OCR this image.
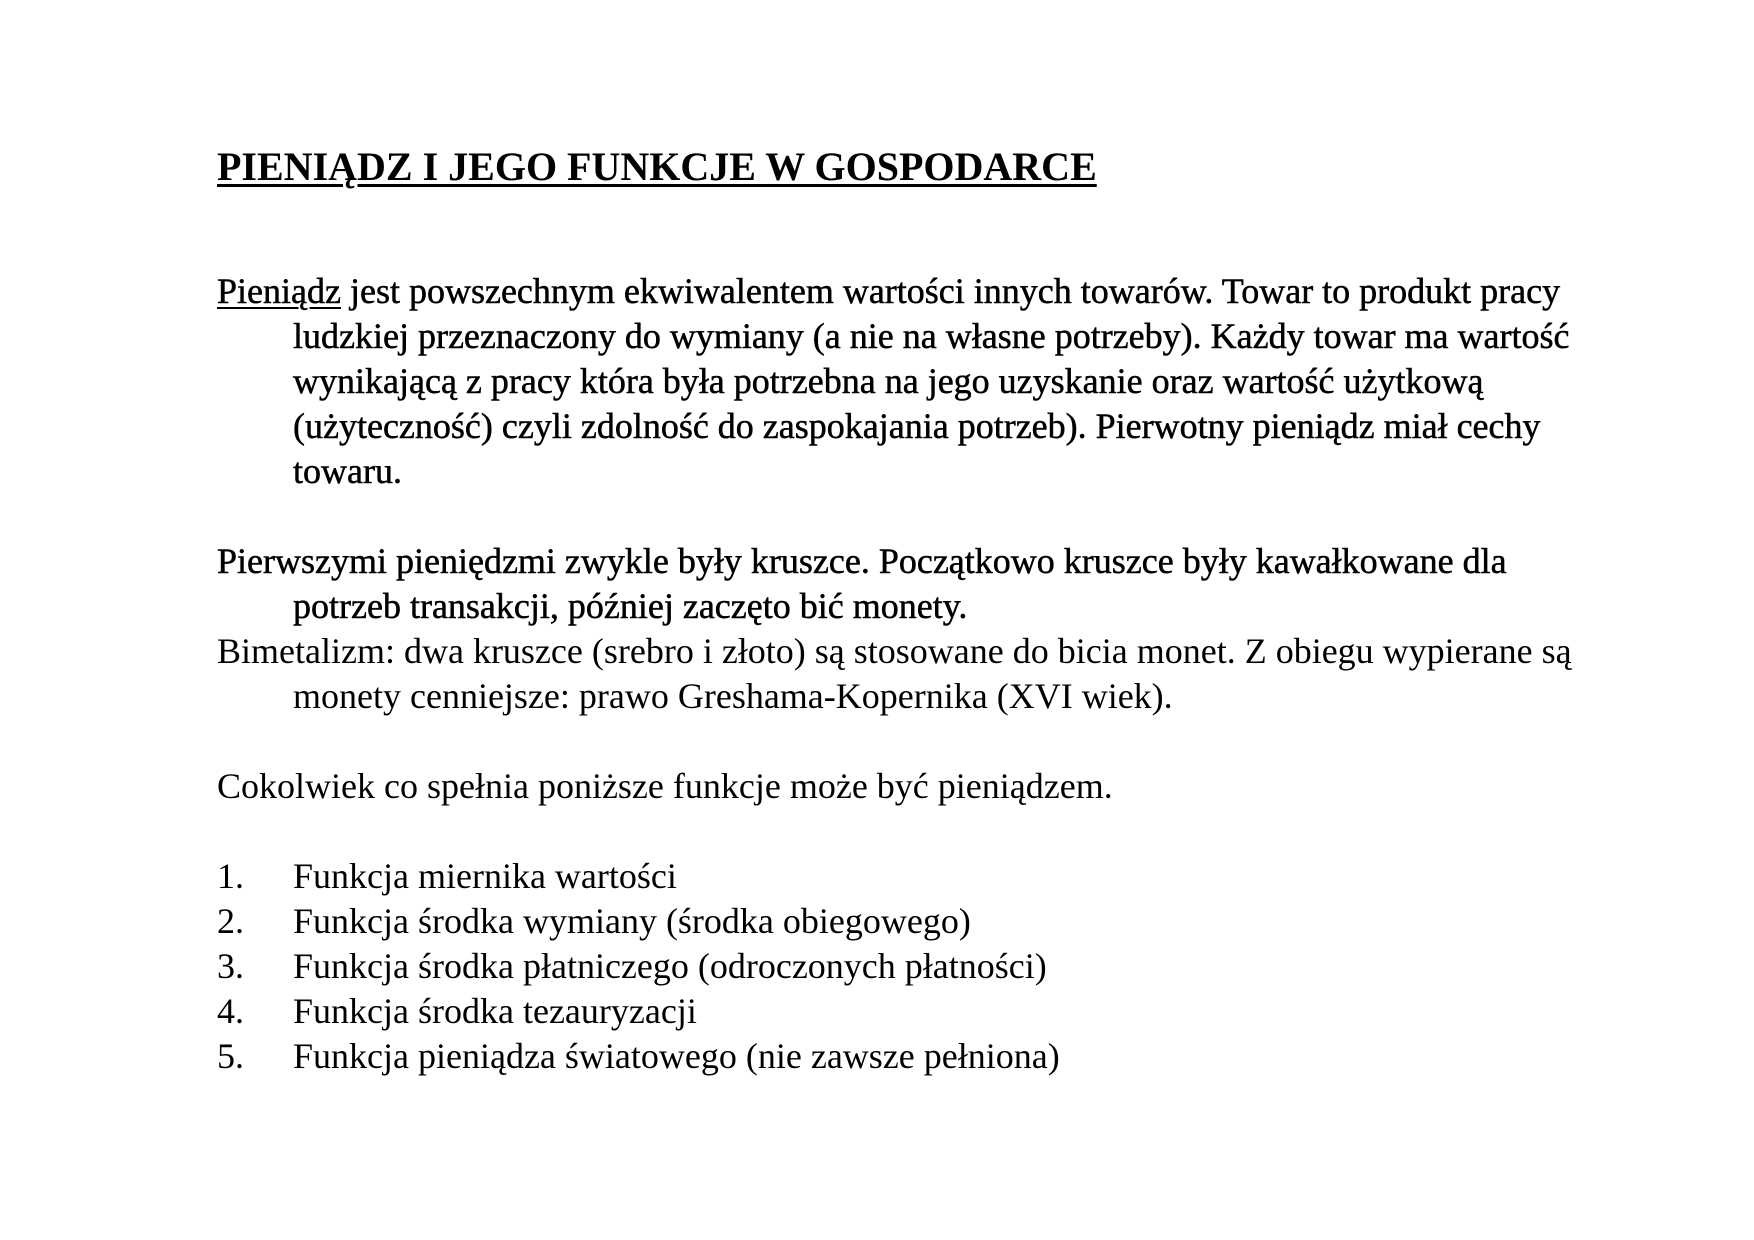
PIENIĄDZ I JEGO FUNKCJE W GOSPODARCE

Pieniądz jest powszechnym ekwiwalentem wartości innych towarów. Towar to produkt pracy ludzkiej przeznaczony do wymiany (a nie na własne potrzeby). Każdy towar ma wartość wynikającą z pracy która była potrzebna na jego uzyskanie oraz wartość użytkową (użyteczność) czyli zdolność do zaspokajania potrzeb). Pierwotny pieniądz miał cechy towaru.

Pierwszymi pieniędzmi zwykle były kruszce. Początkowo kruszce były kawałkowane dla potrzeb transakcji, później zaczęto bić monety.

Bimetalizm: dwa kruszce (srebro i złoto) są stosowane do bicia monet. Z obiegu wypierane są monety cenniejsze: prawo Greshama-Kopernika (XVI wiek).

Cokolwiek co spełnia poniższe funkcje może być pieniądzem.

1.	Funkcja miernika wartości
2.	Funkcja środka wymiany (środka obiegowego)
3.	Funkcja środka płatniczego (odroczonych płatności)
4.	Funkcja środka tezauryzacji
5.	Funkcja pieniądza światowego (nie zawsze pełniona)
